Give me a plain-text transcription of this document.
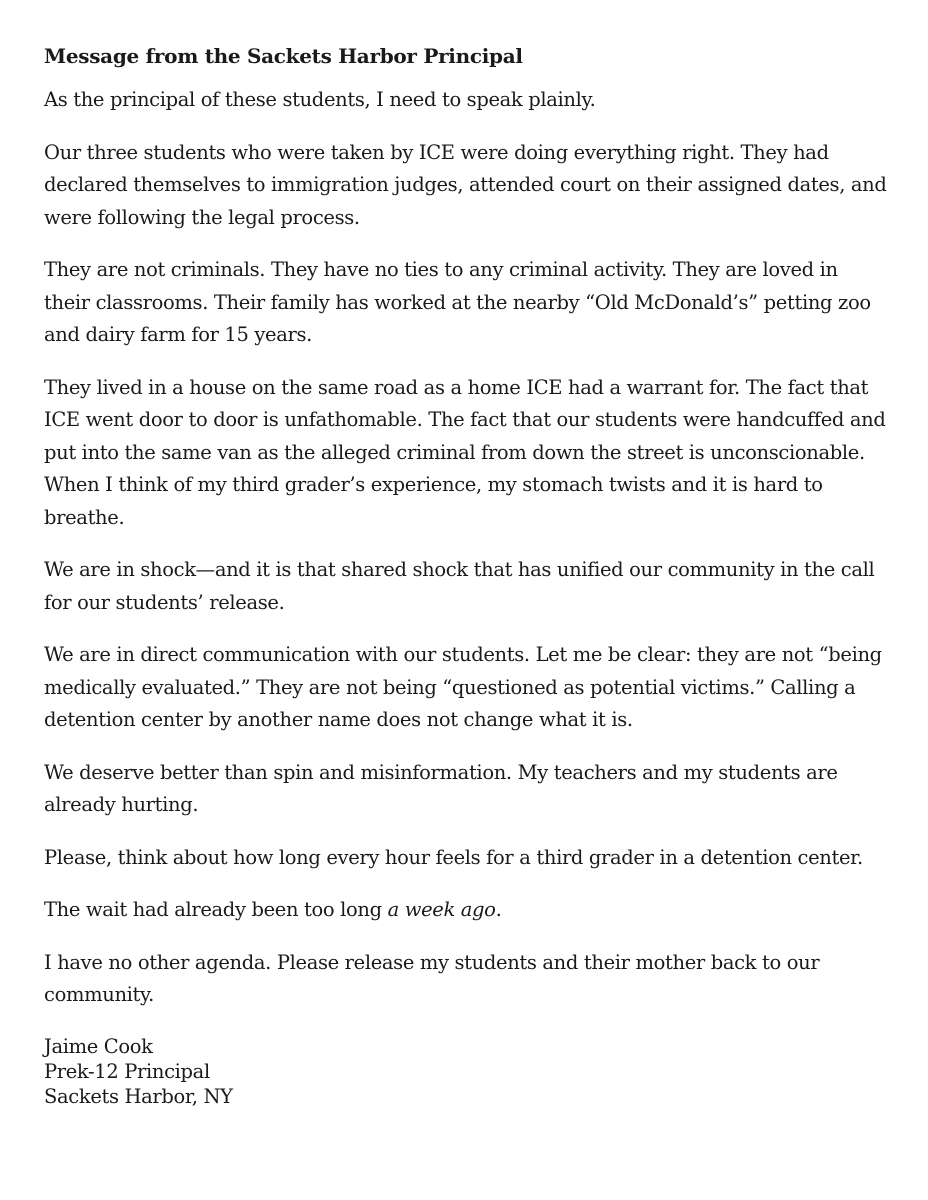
Message from the Sackets Harbor Principal

As the principal of these students, I need to speak plainly.

Our three students who were taken by ICE were doing everything right. They had declared themselves to immigration judges, attended court on their assigned dates, and were following the legal process.

They are not criminals. They have no ties to any criminal activity. They are loved in their classrooms. Their family has worked at the nearby “Old McDonald’s” petting zoo and dairy farm for 15 years.

They lived in a house on the same road as a home ICE had a warrant for. The fact that ICE went door to door is unfathomable. The fact that our students were handcuffed and put into the same van as the alleged criminal from down the street is unconscionable. When I think of my third grader’s experience, my stomach twists and it is hard to breathe.

We are in shock—and it is that shared shock that has unified our community in the call for our students’ release.

We are in direct communication with our students. Let me be clear: they are not “being medically evaluated.” They are not being “questioned as potential victims.” Calling a detention center by another name does not change what it is.

We deserve better than spin and misinformation. My teachers and my students are already hurting.

Please, think about how long every hour feels for a third grader in a detention center.

The wait had already been too long a week ago.

I have no other agenda. Please release my students and their mother back to our community.

Jaime Cook
Prek-12 Principal
Sackets Harbor, NY
